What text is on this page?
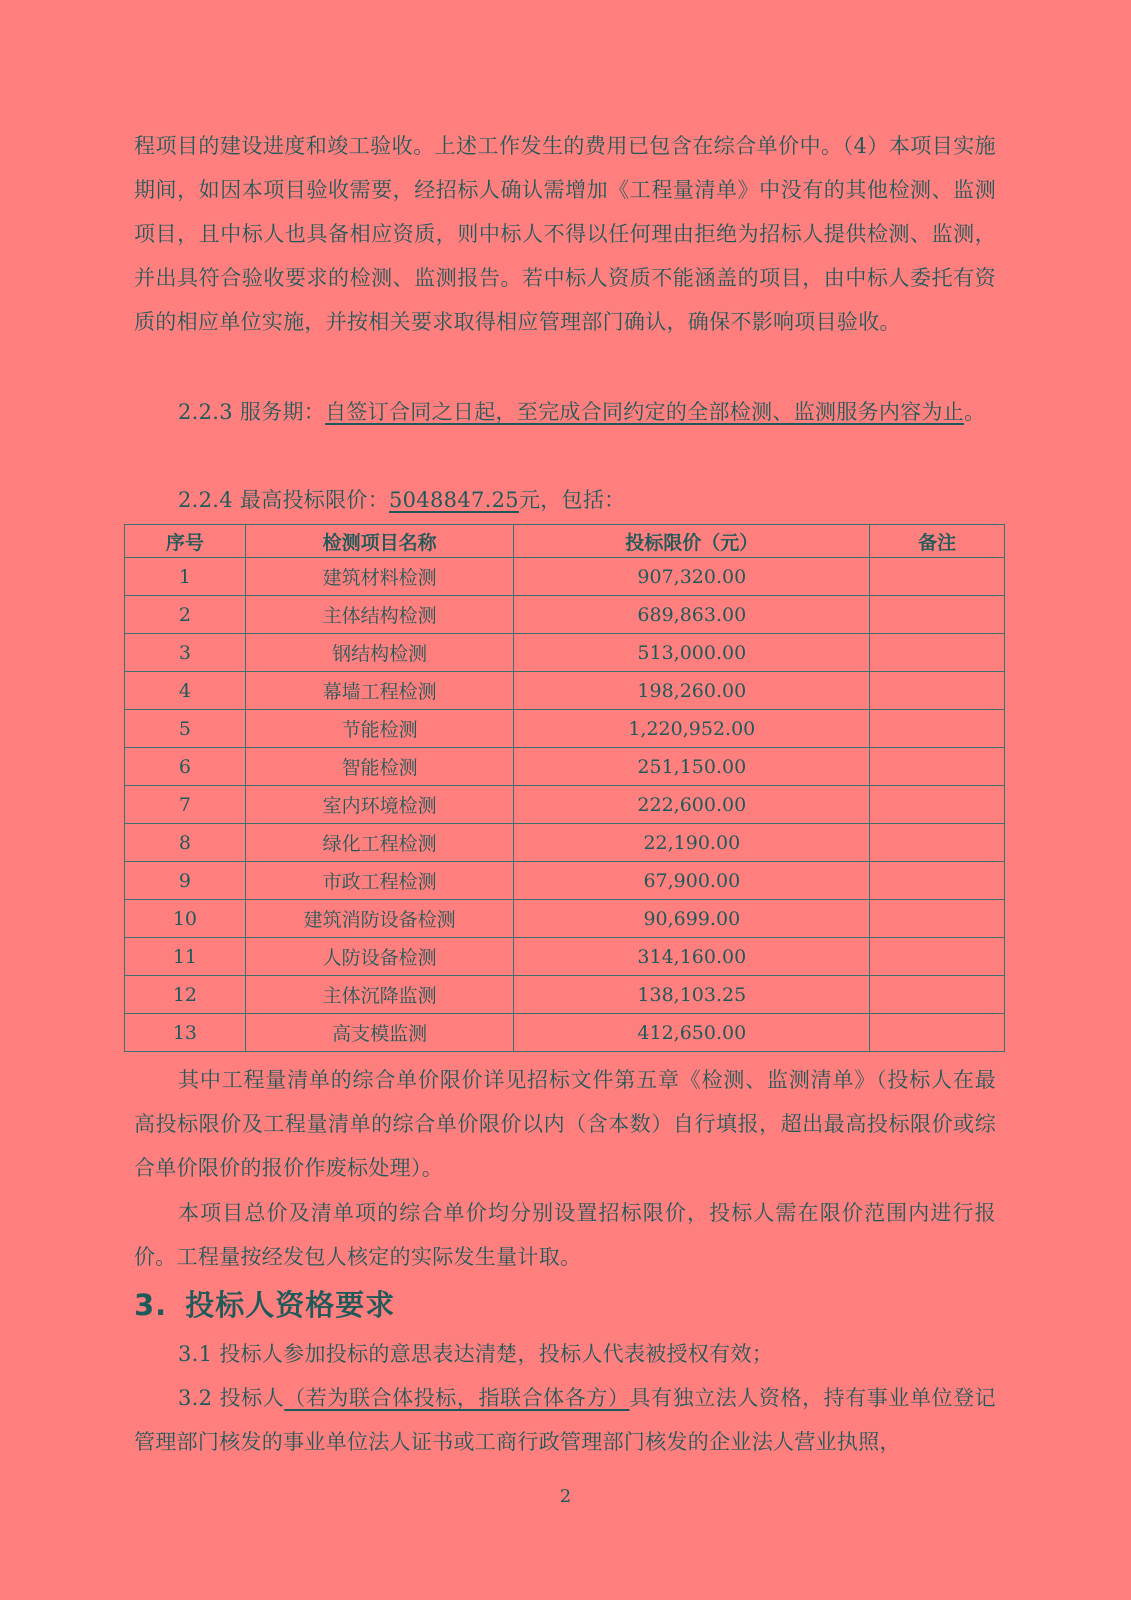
程项目的建设进度和竣工验收。上述工作发生的费用已包含在综合单价中。（4）本项目实施期间，如因本项目验收需要，经招标人确认需增加《工程量清单》中没有的其他检测、监测项目，且中标人也具备相应资质，则中标人不得以任何理由拒绝为招标人提供检测、监测，并出具符合验收要求的检测、监测报告。若中标人资质不能涵盖的项目，由中标人委托有资质的相应单位实施，并按相关要求取得相应管理部门确认，确保不影响项目验收。
2.2.3 服务期：自签订合同之日起，至完成合同约定的全部检测、监测服务内容为止。
2.2.4 最高投标限价：5048847.25元，包括：
序号	检测项目名称	投标限价（元）	备注
1	建筑材料检测	907,320.00	
2	主体结构检测	689,863.00	
3	钢结构检测	513,000.00	
4	幕墙工程检测	198,260.00	
5	节能检测	1,220,952.00	
6	智能检测	251,150.00	
7	室内环境检测	222,600.00	
8	绿化工程检测	22,190.00	
9	市政工程检测	67,900.00	
10	建筑消防设备检测	90,699.00	
11	人防设备检测	314,160.00	
12	主体沉降监测	138,103.25	
13	高支模监测	412,650.00	
其中工程量清单的综合单价限价详见招标文件第五章《检测、监测清单》（投标人在最高投标限价及工程量清单的综合单价限价以内（含本数）自行填报，超出最高投标限价或综合单价限价的报价作废标处理）。
本项目总价及清单项的综合单价均分别设置招标限价，投标人需在限价范围内进行报价。工程量按经发包人核定的实际发生量计取。
3. 投标人资格要求
3.1 投标人参加投标的意思表达清楚，投标人代表被授权有效；
3.2 投标人（若为联合体投标，指联合体各方）具有独立法人资格，持有事业单位登记管理部门核发的事业单位法人证书或工商行政管理部门核发的企业法人营业执照，
2
